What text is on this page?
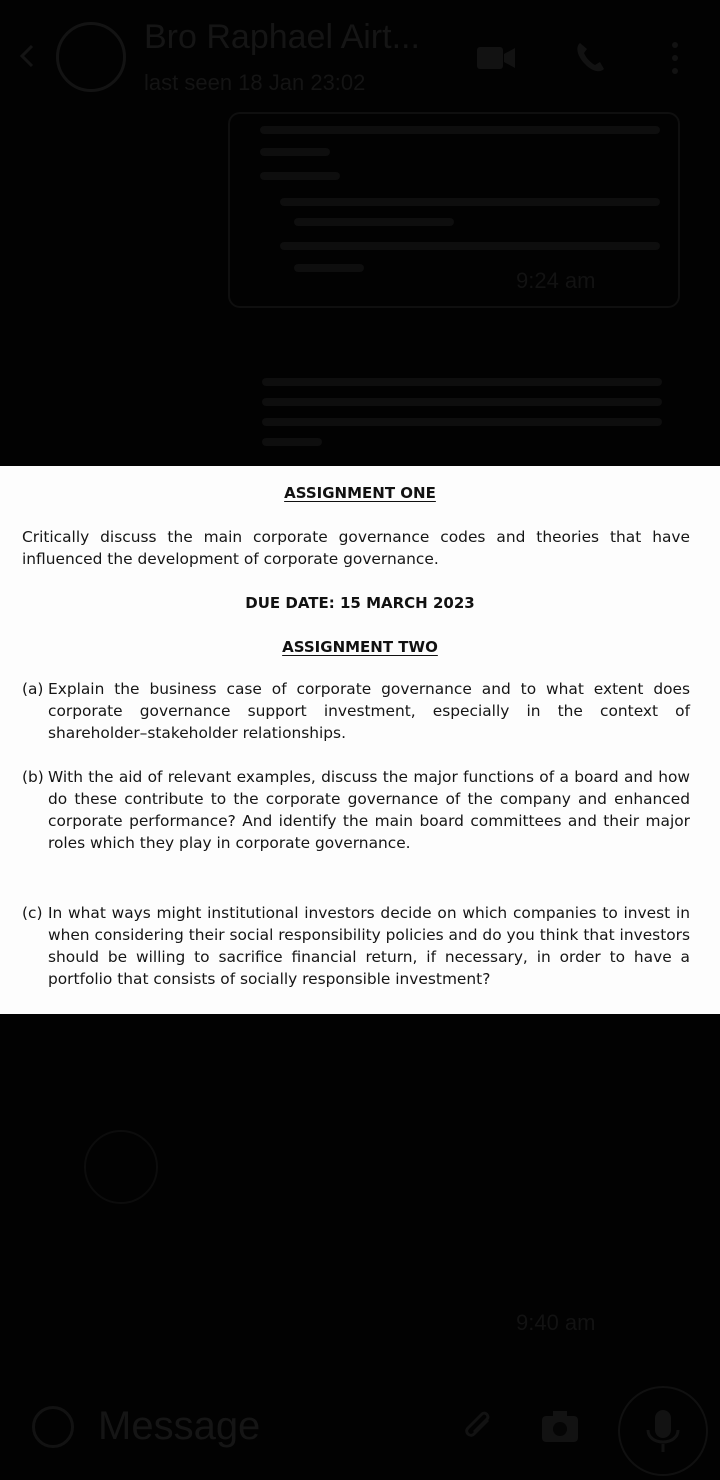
Bro Raphael Airt...
last seen 18 Jan 23:02
9:24 am
ASSIGNMENT ONE
Critically discuss the main corporate governance codes and theories that have influenced the development of corporate governance.
DUE DATE: 15 MARCH 2023
ASSIGNMENT TWO
(a) Explain the business case of corporate governance and to what extent does corporate governance support investment, especially in the context of shareholder–stakeholder relationships.
(b) With the aid of relevant examples, discuss the major functions of a board and how do these contribute to the corporate governance of the company and enhanced corporate performance? And identify the main board committees and their major roles which they play in corporate governance.
(c) In what ways might institutional investors decide on which companies to invest in when considering their social responsibility policies and do you think that investors should be willing to sacrifice financial return, if necessary, in order to have a portfolio that consists of socially responsible investment?
9:40 am
Message
